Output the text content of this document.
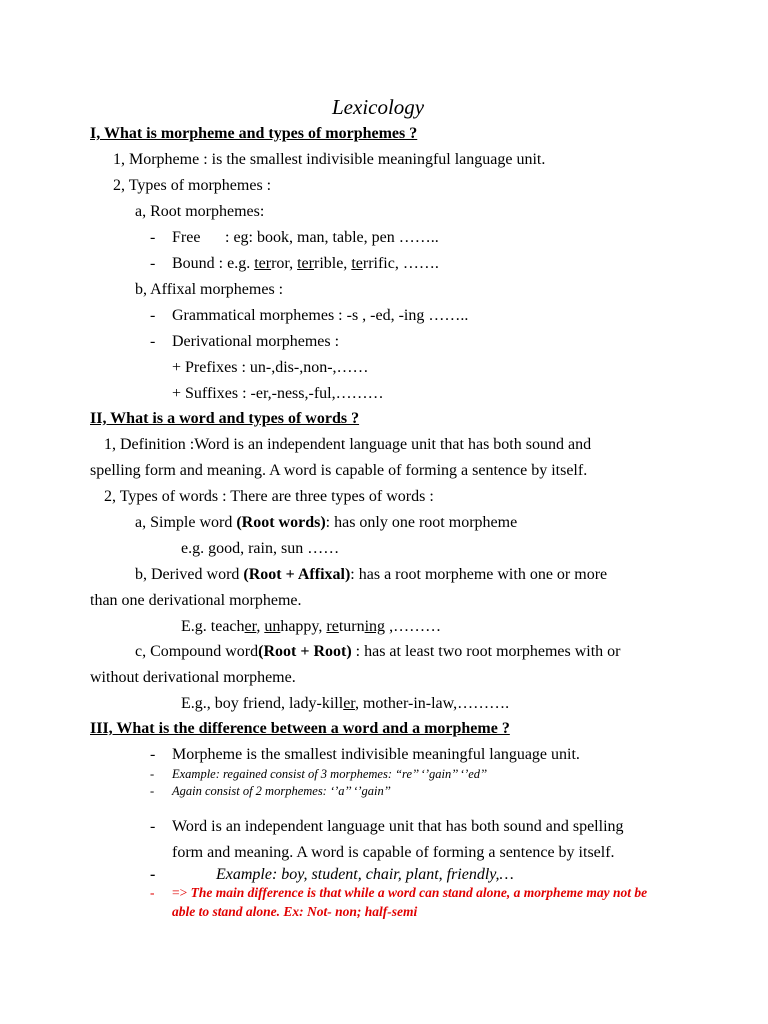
Lexicology
I, What is morpheme and types of morphemes ?
1, Morpheme : is the smallest indivisible meaningful language unit.
2, Types of morphemes :
a, Root morphemes:
- Free : eg: book, man, table, pen ……..
- Bound : e.g. terror, terrible, terrific, …….
b, Affixal morphemes :
- Grammatical morphemes : -s , -ed, -ing ……..
- Derivational morphemes :
+ Prefixes : un-,dis-,non-,……
+ Suffixes : -er,-ness,-ful,………
II, What is a word and types of words ?
1, Definition :Word is an independent language unit that has both sound and
spelling form and meaning. A word is capable of forming a sentence by itself.
2, Types of words : There are three types of words :
a, Simple word (Root words): has only one root morpheme
e.g. good, rain, sun ……
b, Derived word (Root + Affixal): has a root morpheme with one or more
than one derivational morpheme.
E.g. teacher, unhappy, returning ,………
c, Compound word(Root + Root) : has at least two root morphemes with or
without derivational morpheme.
E.g., boy friend, lady-killer, mother-in-law,……….
III, What is the difference between a word and a morpheme ?
- Morpheme is the smallest indivisible meaningful language unit.
- Example: regained consist of 3 morphemes: “re’’ ‘’gain’’ ‘’ed’’
- Again consist of 2 morphemes: ‘’a’’ ‘’gain’’
- Word is an independent language unit that has both sound and spelling
form and meaning. A word is capable of forming a sentence by itself.
-	Example: boy, student, chair, plant, friendly,…
- => The main difference is that while a word can stand alone, a morpheme may not be
able to stand alone. Ex: Not- non; half-semi
